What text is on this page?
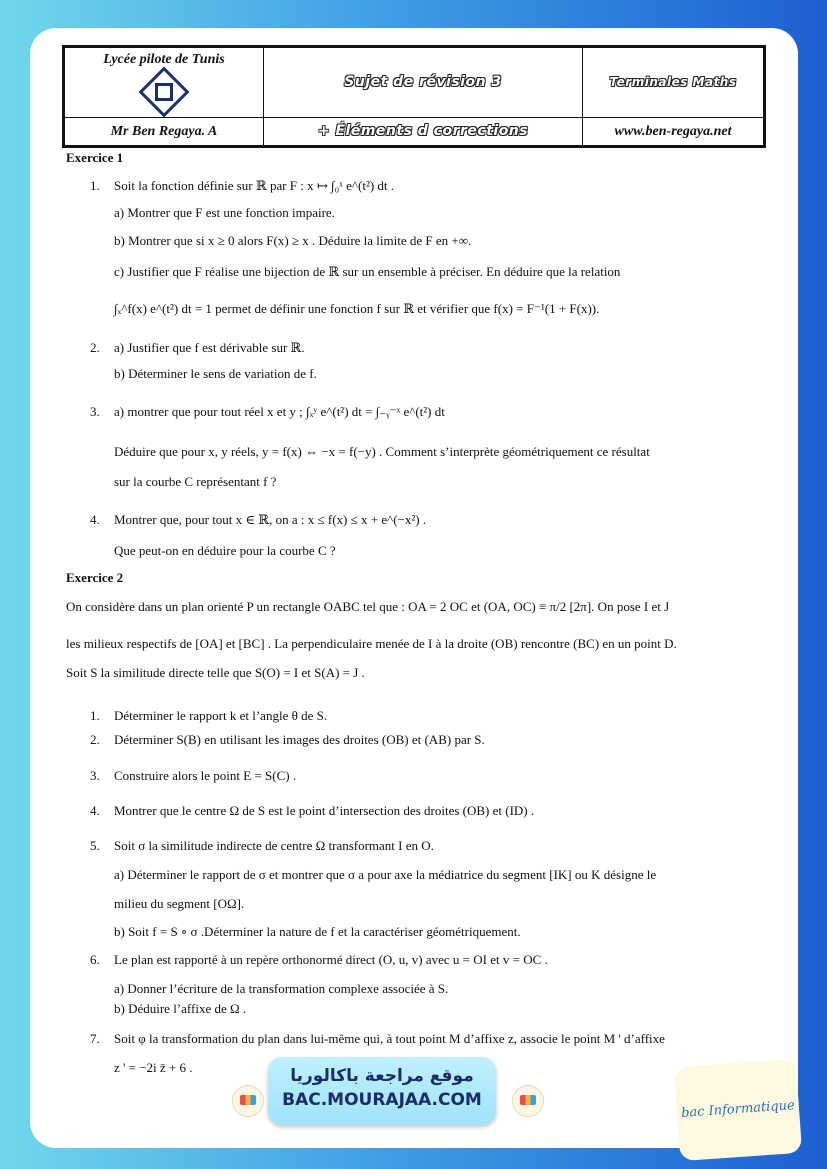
Lycée pilote de Tunis	Sujet de révision 3	Terminales Maths
Mr Ben Regaya. A	+ Éléments d corrections	www.ben-regaya.net
Exercice 1
1. Soit la fonction définie sur ℝ par F : x ↦ ∫₀ˣ e^(t²) dt .
a) Montrer que F est une fonction impaire.
b) Montrer que si x ≥ 0 alors F(x) ≥ x . Déduire la limite de F en +∞.
c) Justifier que F réalise une bijection de ℝ sur un ensemble à préciser. En déduire que la relation
∫ₓ^f(x) e^(t²) dt = 1 permet de définir une fonction f sur ℝ et vérifier que f(x) = F⁻¹(1 + F(x)).
2. a) Justifier que f est dérivable sur ℝ.
b) Déterminer le sens de variation de f.
3. a) montrer que pour tout réel x et y ; ∫ₓʸ e^(t²) dt = ∫₋ᵧ⁻ˣ e^(t²) dt
Déduire que pour x, y réels, y = f(x) ⇔ −x = f(−y) . Comment s’interprète géométriquement ce résultat
sur la courbe C représentant f ?
4. Montrer que, pour tout x ∈ ℝ, on a : x ≤ f(x) ≤ x + e^(−x²) .
Que peut-on en déduire pour la courbe C ?
Exercice 2
On considère dans un plan orienté P un rectangle OABC tel que : OA = 2 OC et (OA, OC) ≡ π/2 [2π]. On pose I et J
les milieux respectifs de [OA] et [BC] . La perpendiculaire menée de I à la droite (OB) rencontre (BC) en un point D.
Soit S la similitude directe telle que S(O) = I et S(A) = J .
1. Déterminer le rapport k et l’angle θ de S.
2. Déterminer S(B) en utilisant les images des droites (OB) et (AB) par S.
3. Construire alors le point E = S(C) .
4. Montrer que le centre Ω de S est le point d’intersection des droites (OB) et (ID) .
5. Soit σ la similitude indirecte de centre Ω transformant I en O.
a) Déterminer le rapport de σ et montrer que σ a pour axe la médiatrice du segment [IK] ou K désigne le
milieu du segment [OΩ].
b) Soit f = S ∘ σ .Déterminer la nature de f et la caractériser géométriquement.
6. Le plan est rapporté à un repère orthonormé direct (O, u, v) avec u = OI et v = OC .
a) Donner l’écriture de la transformation complexe associée à S.
b) Déduire l’affixe de Ω .
7. Soit φ la transformation du plan dans lui-même qui, à tout point M d’affixe z, associe le point M ' d’affixe
z ' = −2i z̄ + 6 .	موقع مراجعة باكالوريا
BAC.MOURAJAA.COM	bac Informatique
